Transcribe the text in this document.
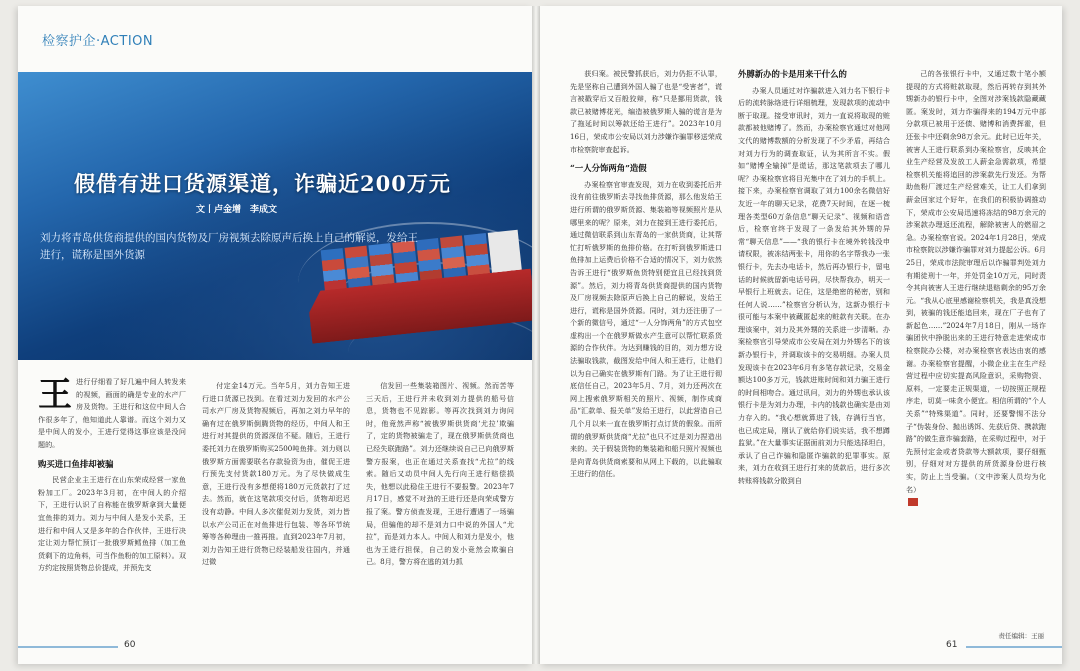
检察护企·ACTION
假借有进口货源渠道，诈骗近200万元
文丨卢金增　李成文
刘力将青岛供货商提供的国内货物及厂房视频去除原声后换上自己的解说，发给王进行，谎称是国外货源
王 进行仔细看了好几遍中间人转发来的视频，画面的确是专业的水产厂房及货物。王进行和这位中间人合作很多年了，他知道此人靠谱。而这个刘力又是中间人的发小，王进行觉得这事应该是没问题的。
购买进口鱼排却被骗

民营企业主王进行在山东荣成经营一家鱼粉加工厂。2023年3月初，在中间人的介绍下，王进行认识了自称能在俄罗斯拿到大量便宜鱼排的刘力。刘力与中间人是发小关系，王进行和中间人又是多年的合作伙伴，王进行决定让刘力帮忙预订一批俄罗斯鳕鱼排（加工鱼货剩下的边角料，可当作鱼粉的加工原料）。双方约定按照货物总价提成，并预先支

付定金14万元。当年5月，刘力告知王进行进口货源已找到。在看过刘力发回的水产公司水产厂房及货物视频后，再加之刘力早年的确有过在俄罗斯倒腾货物的经历，中间人和王进行对其提供的货源深信不疑。随后，王进行委托刘力在俄罗斯购买2500吨鱼排。刘力则以俄罗斯方面需要联名存款验资为由，催促王进行预先支付货款180万元。为了尽快做成生意，王进行没有多想便将180万元货款打了过去。然而，就在这笔款项交付后，货物却迟迟没有动静。中间人多次催促刘力发货，刘力皆以水产公司正在对鱼排进行包装、等各环节统筹等各种理由一推再推。直到2023年7月初，刘力告知王进行货物已经装船发往国内，并通过微

信发回一些集装箱图片、视频。然而苦等三天后，王进行并未收到刘力提供的船号信息，货物也不见踪影。等再次找到刘力询问时，他竟然声称“被俄罗斯供货商‘尤拉’欺骗了，定的货物被骗走了，现在俄罗斯供货商也已经失联跑路”。刘力还继续说自己已向俄罗斯警方报案，也正在通过关系查找“尤拉”的线索。随后又动员中间人先行向王进行赔偿损失，他想以此稳住王进行不要报警。2023年7月17日，感觉不对劲的王进行还是向荣成警方报了案。警方侦查发现，王进行遭遇了一场骗局，但骗他的却不是刘力口中说的外国人“尤拉”，而是刘力本人。中间人和刘力是发小，他也为王进行担保，自己的发小竟然会欺骗自己。8月，警方将在逃的刘力抓

60

获归案。被民警抓获后，刘力仍拒不认罪，先是坚称自己遭到外国人骗了也是“受害者”，谎言被戳穿后又百般狡辩，称“只是挪用货款，钱款已被赌博花光，编造被俄罗斯人骗的谎言是为了拖延时间以筹款还给王进行”。2023年10月16日，荣成市公安局以刘力涉嫌诈骗罪移送荣成市检察院审查起诉。

“一人分饰两角”造假

办案检察官审查发现，刘力在收到委托后并没有前往俄罗斯去寻找鱼排货源，那么他发给王进行所谓的俄罗斯货源、集装箱等视频照片是从哪里来的呢？原来，刘力在接到王进行委托后，通过微信联系到山东青岛的一家供货商，让其帮忙打听俄罗斯的鱼排价格。在打听到俄罗斯进口鱼排加上运费后价格不合适的情况下，刘力依然告诉王进行“俄罗斯鱼货特别便宜且已经找到货源”。然后，刘力将青岛供货商提供的国内货物及厂房视频去除原声后换上自己的解说，发给王进行，谎称是国外货源。同时，刘力还注册了一个新的微信号，通过“一人分饰两角”的方式包空虚构出一个在俄罗斯做水产生意可以帮忙联系货源的合作伙伴。为达到赚钱的目的，刘力想方设法骗取钱款，截图发给中间人和王进行，让他们以为自己确实在俄罗斯有门路。为了让王进行彻底信任自己，2023年5月、7月，刘力还两次在网上搜索俄罗斯相关的照片、视频，制作成商品“汇款单、报关单”发给王进行，以此营造自己几个月以来一直在俄罗斯打点订货的假象。而所谓的俄罗斯供货商“尤拉”也只不过是刘力捏造出来的。关于假装货物的集装箱和船只照片视频也是向青岛供货商索要和从网上下载的，以此骗取王进行的信任。

外膊新办的卡是用来干什么的

办案人员通过对诈骗款进入刘力名下银行卡后的流转脉络进行详细梳理，发现款项的流动中断于取现。接受审讯时，刘力一直说将取现的赃款都被他赌博了。然而，办案检察官通过对他网文代的赌博数额的分析发现了不少矛盾，再结合对刘力行为的调查取证，认为其所言不实。假如“赌博全输掉”是谎话，那这笔款项去了哪儿呢？办案检察官将目光集中在了刘力的手机上。接下来，办案检察官调取了刘力100余名微信好友近一年的聊天记录，花费7天时间，在逐一梳理各类型60万条信息“聊天记录”、视频和语音后，检察官终于发现了一条发给其外甥的异常“聊天信息”——“我的银行卡在境外转钱没申请权限，被冻结两张卡，用你的名字帮我办一张银行卡，先去办电话卡，然后再办银行卡，留电话的时候就留新电话号码，尽快帮我办，明天一早银行上班就去。记住，这是绝密的秘密，别和任何人说……”检察官分析认为，这新办银行卡很可能与本案中被藏匿起来的赃款有关联。在办理该案中，刘力及其外甥的关系进一步清晰。办案检察官引导荣成市公安局在刘力外甥名下的该新办银行卡，并调取该卡的交易明细。办案人员发现该卡在2023年6月有多笔存款记录，交易金额达100多万元，钱款进账时间和刘力骗王进行的时间相吻合。通过讯问，刘力的外甥也承认该银行卡是为刘力办理，卡内的钱款也确实是由刘力存入的。“我心想就算进了钱，存满行当官，也已成定局，刚认了就给你们说实话，我不想蹲监狱。”在大量事实证据面前刘力只能选择坦白，承认了自己诈骗和隐匿诈骗款的犯罪事实。原来，刘力在收到王进行打来的货款后，进行多次转账将钱款分散到自

己的各张银行卡中，又通过数十笔小额提现的方式将赃款取现，然后再转存到其外甥新办的银行卡中，全图对涉案钱款隐藏藏匿。案发时，刘力诈骗得来的194万元中部分款项已被用于还债、赌博和消费挥霍，但还张卡中还剩余98万余元。此时已近年关，被害人王进行联系到办案检察官，反映其企业生产经营及发放工人薪金急需款项，希望检察机关能将追回的涉案款先行发还。为帮助鱼粉厂渡过生产经营难关，让工人们拿到薪金回家过个好年，在我们的积极协调推动下，荣成市公安局迅速将冻结的98万余元的涉案款办理返还流程，解除被害人的燃眉之急。办案检察官说。2024年1月28日，荣成市检察院以涉嫌诈骗罪对刘力提起公诉。6月25日，荣成市法院审理后以诈骗罪判处刘力有期徒刑十一年，并处罚金10万元，同时责令其向被害人王进行继续退赔剩余的95万余元。“我从心底里感谢检察机关，我是真没想到，被骗的钱还能追回来，现在厂子也有了新起色……”2024年7月18日，刚从一场诈骗团伙中挣脱出来的王进行特意走进荣成市检察院办公楼，对办案检察官表达由衷的感谢。办案检察官提醒，小微企业主在生产经营过程中应切实提高风险意识，采购物资、原料，一定要走正规渠道，一切按照正规程序走，切莫一味贪小便宜。相信所谓的“个人关系”“特殊渠道”。同时，还要警惕不法分子“伪装身份、抛出诱饵、先获后贷、携款跑路”的做生意诈骗套路，在采购过程中，对于先预付定金或者贷款等大额款项，要仔细甄别，仔细对对方提供的所货源身份进行核实，防止上当受骗。（文中涉案人员均为化名）

责任编辑：王丽
61
